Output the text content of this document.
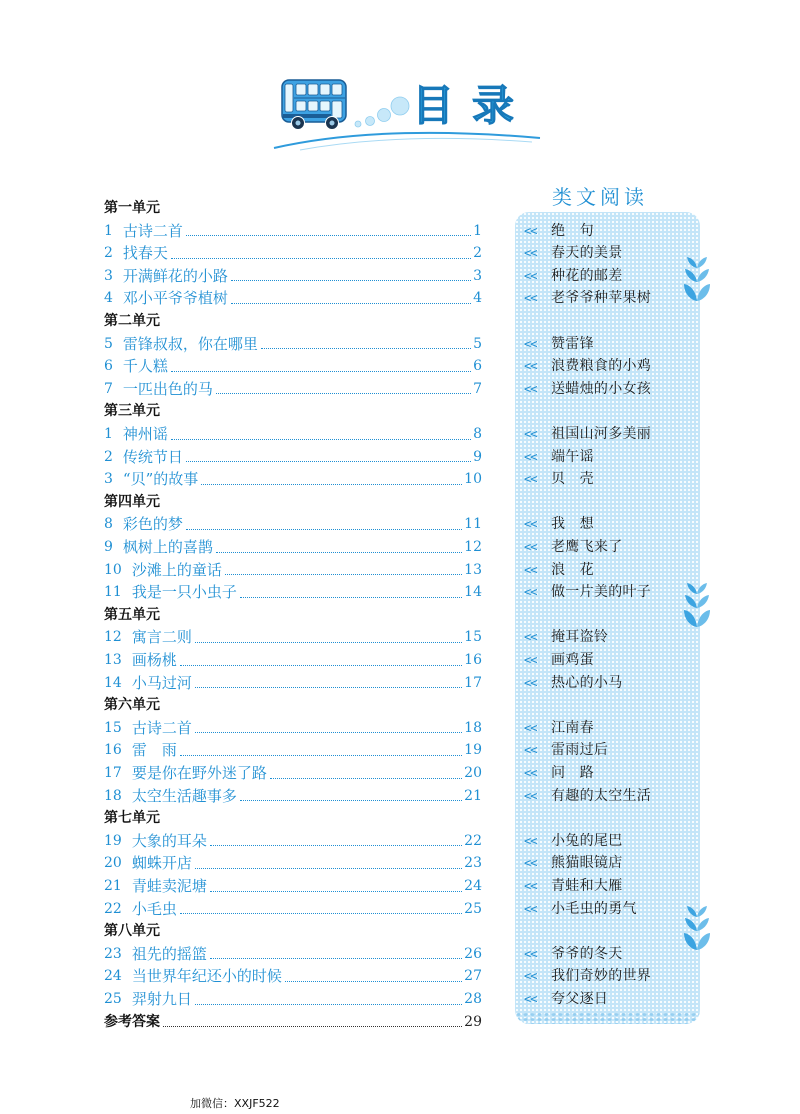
目录
类文阅读
第一单元
1 古诗二首	1
2 找春天	2
3 开满鲜花的小路	3
4 邓小平爷爷植树	4
第二单元
5 雷锋叔叔，你在哪里	5
6 千人糕	6
7 一匹出色的马	7
第三单元
1 神州谣	8
2 传统节日	9
3 “贝”的故事	10
第四单元
8 彩色的梦	11
9 枫树上的喜鹊	12
10 沙滩上的童话	13
11 我是一只小虫子	14
第五单元
12 寓言二则	15
13 画杨桃	16
14 小马过河	17
第六单元
15 古诗二首	18
16 雷　雨	19
17 要是你在野外迷了路	20
18 太空生活趣事多	21
第七单元
19 大象的耳朵	22
20 蜘蛛开店	23
21 青蛙卖泥塘	24
22 小毛虫	25
第八单元
23 祖先的摇篮	26
24 当世界年纪还小的时候	27
25 羿射九日	28
参考答案	29
<<	绝　句
<<	春天的美景
<<	种花的邮差
<<	老爷爷种苹果树
<<	赞雷锋
<<	浪费粮食的小鸡
<<	送蜡烛的小女孩
<<	祖国山河多美丽
<<	端午谣
<<	贝　壳
<<	我　想
<<	老鹰飞来了
<<	浪　花
<<	做一片美的叶子
<<	掩耳盗铃
<<	画鸡蛋
<<	热心的小马
<<	江南春
<<	雷雨过后
<<	问　路
<<	有趣的太空生活
<<	小兔的尾巴
<<	熊猫眼镜店
<<	青蛙和大雁
<<	小毛虫的勇气
<<	爷爷的冬天
<<	我们奇妙的世界
<<	夸父逐日
加微信：XXJF522
